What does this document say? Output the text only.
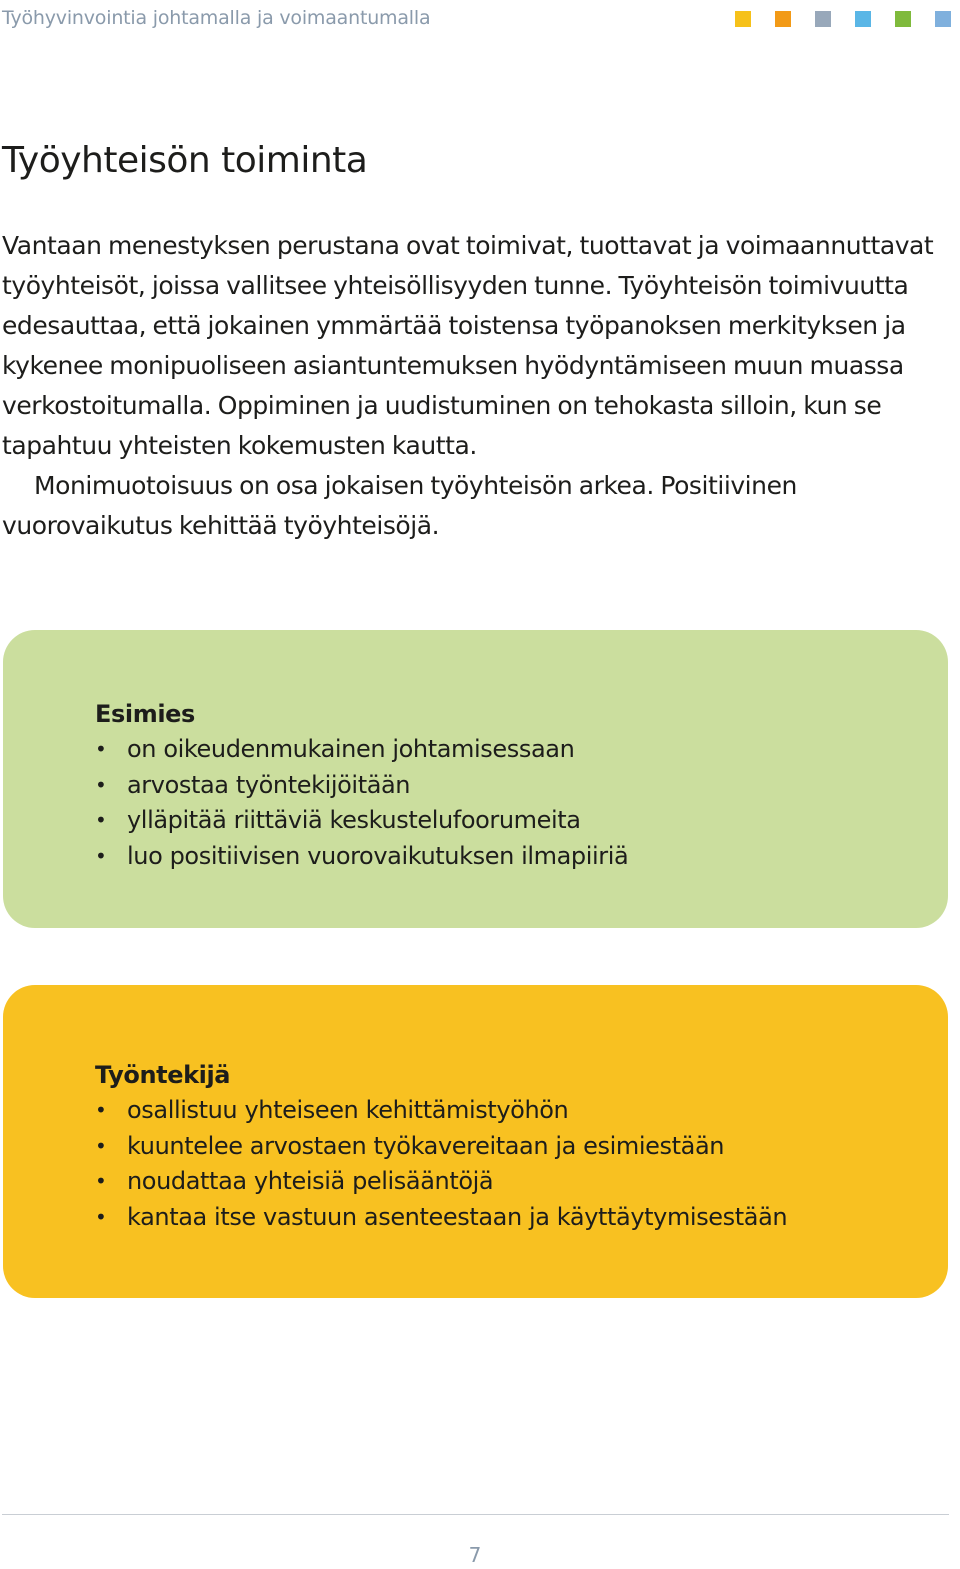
Työhyvinvointia johtamalla ja voimaantumalla
Työyhteisön toiminta

Vantaan menestyksen perustana ovat toimivat, tuottavat ja voimaannuttavat työyhteisöt, joissa vallitsee yhteisöllisyyden tunne. Työyhteisön toimivuutta edesauttaa, että jokainen ymmärtää toistensa työpanoksen merkityksen ja kykenee monipuoliseen asiantuntemuksen hyödyntämiseen muun muassa verkostoitumalla. Oppiminen ja uudistuminen on tehokasta silloin, kun se tapahtuu yhteisten kokemusten kautta.

Monimuotoisuus on osa jokaisen työyhteisön arkea. Positiivinen vuorovaikutus kehittää työyhteisöjä.

Esimies
• on oikeudenmukainen johtamisessaan
• arvostaa työntekijöitään
• ylläpitää riittäviä keskustelufoorumeita
• luo positiivisen vuorovaikutuksen ilmapiiriä
Työntekijä
• osallistuu yhteiseen kehittämistyöhön
• kuuntelee arvostaen työkavereitaan ja esimiestään
• noudattaa yhteisiä pelisääntöjä
• kantaa itse vastuun asenteestaan ja käyttäytymisestään
7
